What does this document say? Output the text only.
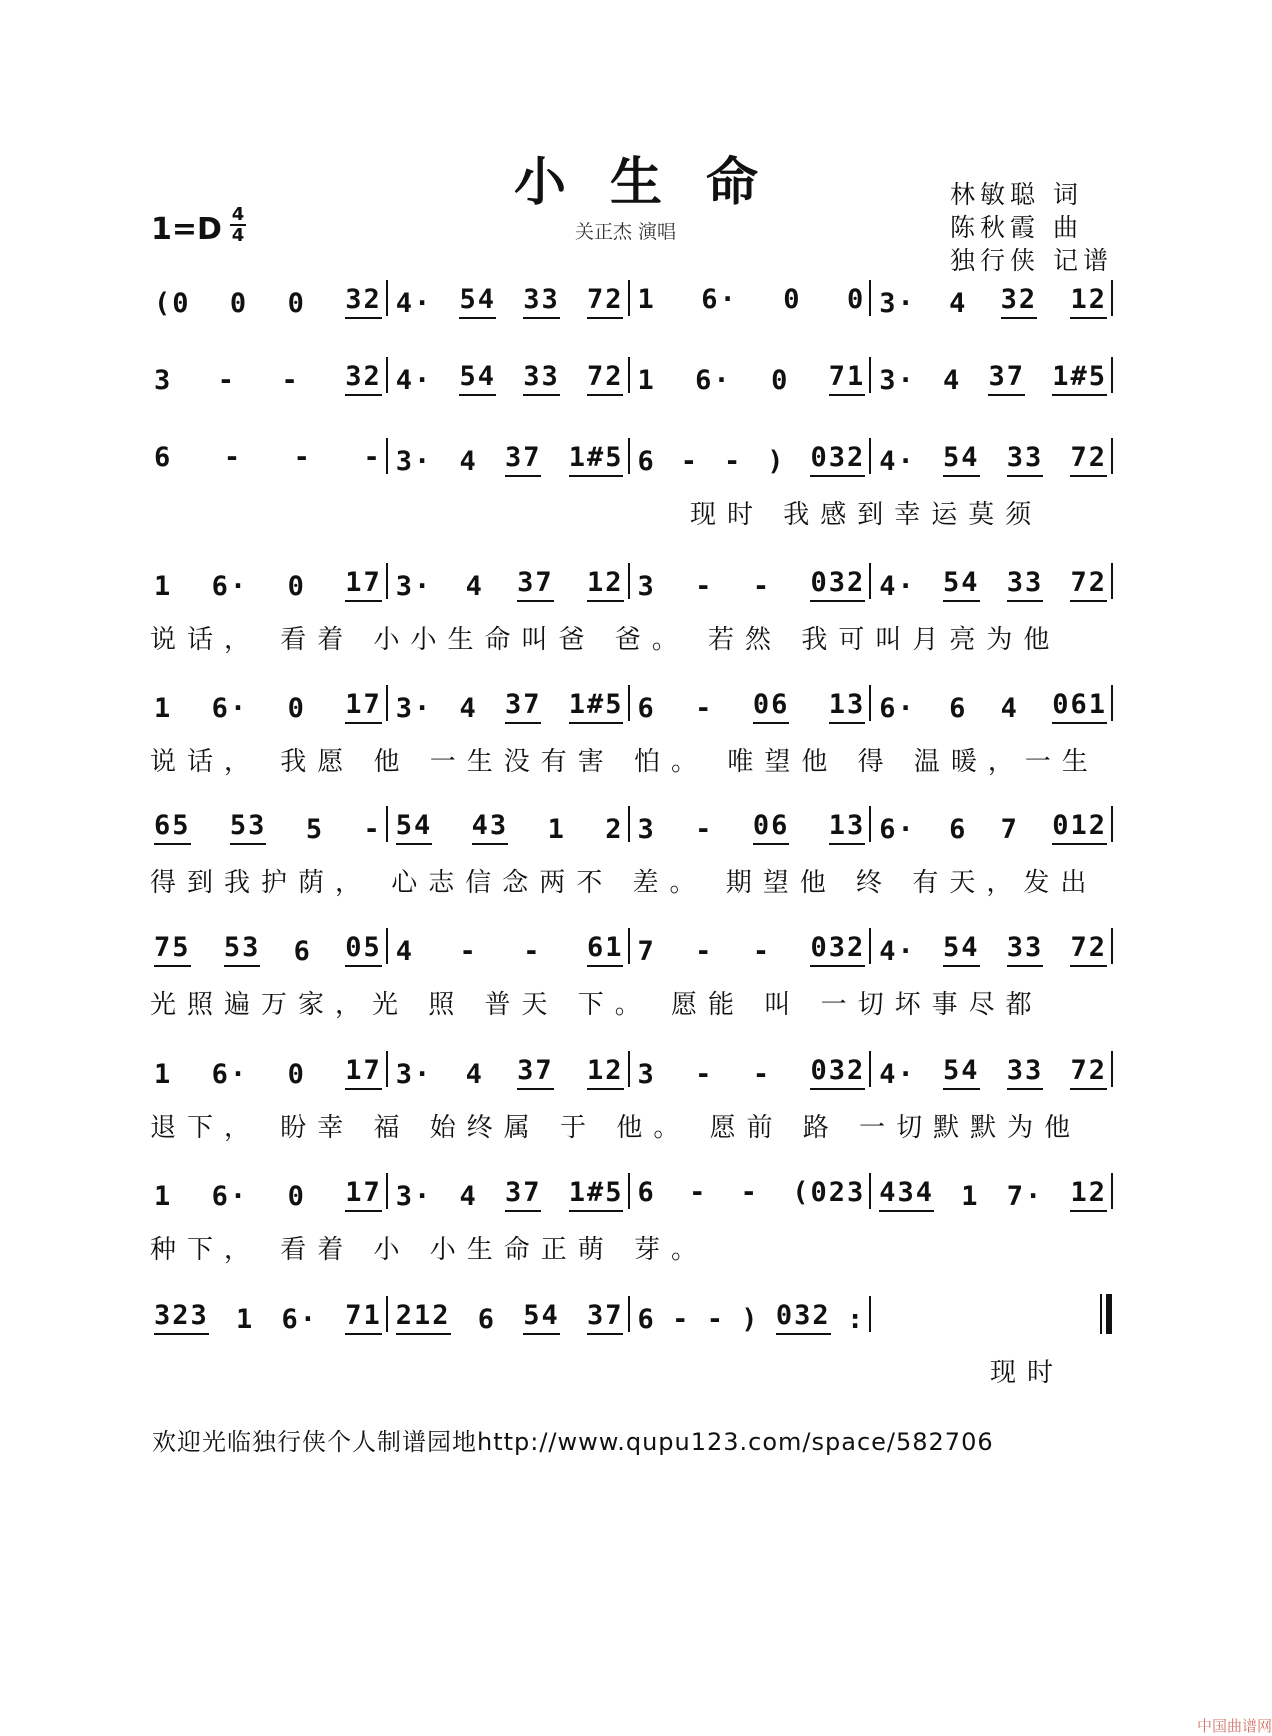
小生命
关正杰 演唱
1=D 4
4
林敏聪 词
陈秋霞 曲
独行侠 记谱
(0 0 0 32 4· 54 33 72 1 6· 0 0 3· 4 32 12
3 - - 32 4· 54 33 72 1 6· 0 71 3· 4 37 1#5
6 - - - 3· 4 37 1#5 6 - - ) 032 4· 54 33 72
现时 我感到幸运莫须
1 6· 0 17 3· 4 37 12 3 - - 032 4· 54 33 72
说话， 看着 小小生命叫爸 爸。 若然 我可叫月亮为他
1 6· 0 17 3· 4 37 1#5 6 - 06 13 6· 6 4 061
说话， 我愿 他 一生没有害 怕。 唯望他 得 温暖，一生
65 53 5 - 54 43 1 2 3 - 06 13 6· 6 7 012
得到我护荫， 心志信念两不 差。 期望他 终 有天，发出
75 53 6 05 4 - - 61 7 - - 032 4· 54 33 72
光照遍万家，光 照 普天 下。 愿能 叫 一切坏事尽都
1 6· 0 17 3· 4 37 12 3 - - 032 4· 54 33 72
退下， 盼幸 福 始终属 于 他。 愿前 路 一切默默为他
1 6· 0 17 3· 4 37 1#5 6 - - (023 434 1 7· 12
种下， 看着 小 小生命正萌 芽。
323 1 6· 71 212 6 54 37 6 - - ) 032 :
现时
欢迎光临独行侠个人制谱园地http://www.qupu123.com/space/582706
中国曲谱网
